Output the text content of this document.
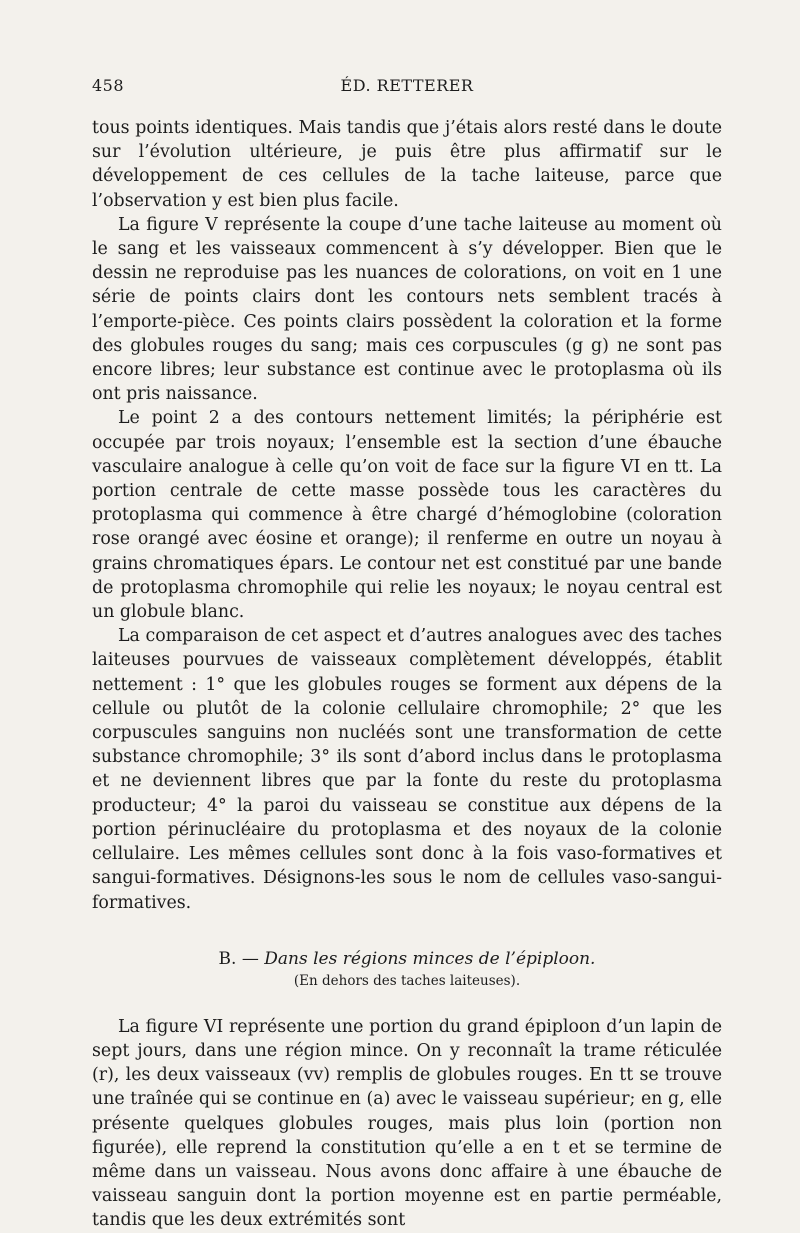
458	ÉD. RETTERER

tous points identiques. Mais tandis que j’étais alors resté dans le doute sur l’évolution ultérieure, je puis être plus affirmatif sur le développement de ces cellules de la tache laiteuse, parce que l’observation y est bien plus facile.

La figure V représente la coupe d’une tache laiteuse au moment où le sang et les vaisseaux commencent à s’y développer. Bien que le dessin ne reproduise pas les nuances de colorations, on voit en 1 une série de points clairs dont les contours nets semblent tracés à l’emporte-pièce. Ces points clairs possèdent la coloration et la forme des globules rouges du sang; mais ces corpuscules (g g) ne sont pas encore libres; leur substance est continue avec le protoplasma où ils ont pris naissance.

Le point 2 a des contours nettement limités; la périphérie est occupée par trois noyaux; l’ensemble est la section d’une ébauche vasculaire analogue à celle qu’on voit de face sur la figure VI en tt. La portion centrale de cette masse possède tous les caractères du protoplasma qui commence à être chargé d’hémoglobine (coloration rose orangé avec éosine et orange); il renferme en outre un noyau à grains chromatiques épars. Le contour net est constitué par une bande de protoplasma chromophile qui relie les noyaux; le noyau central est un globule blanc.

La comparaison de cet aspect et d’autres analogues avec des taches laiteuses pourvues de vaisseaux complètement développés, établit nettement : 1° que les globules rouges se forment aux dépens de la cellule ou plutôt de la colonie cellulaire chromophile; 2° que les corpuscules sanguins non nucléés sont une transformation de cette substance chromophile; 3° ils sont d’abord inclus dans le protoplasma et ne deviennent libres que par la fonte du reste du protoplasma producteur; 4° la paroi du vaisseau se constitue aux dépens de la portion périnucléaire du protoplasma et des noyaux de la colonie cellulaire. Les mêmes cellules sont donc à la fois vaso-formatives et sangui-formatives. Désignons-les sous le nom de cellules vaso-sangui-formatives.

B. — Dans les régions minces de l’épiploon.
(En dehors des taches laiteuses).

La figure VI représente une portion du grand épiploon d’un lapin de sept jours, dans une région mince. On y reconnaît la trame réticulée (r), les deux vaisseaux (vv) remplis de globules rouges. En tt se trouve une traînée qui se continue en (a) avec le vaisseau supérieur; en g, elle présente quelques globules rouges, mais plus loin (portion non figurée), elle reprend la constitution qu’elle a en t et se termine de même dans un vaisseau. Nous avons donc affaire à une ébauche de vaisseau sanguin dont la portion moyenne est en partie perméable, tandis que les deux extrémités sont
